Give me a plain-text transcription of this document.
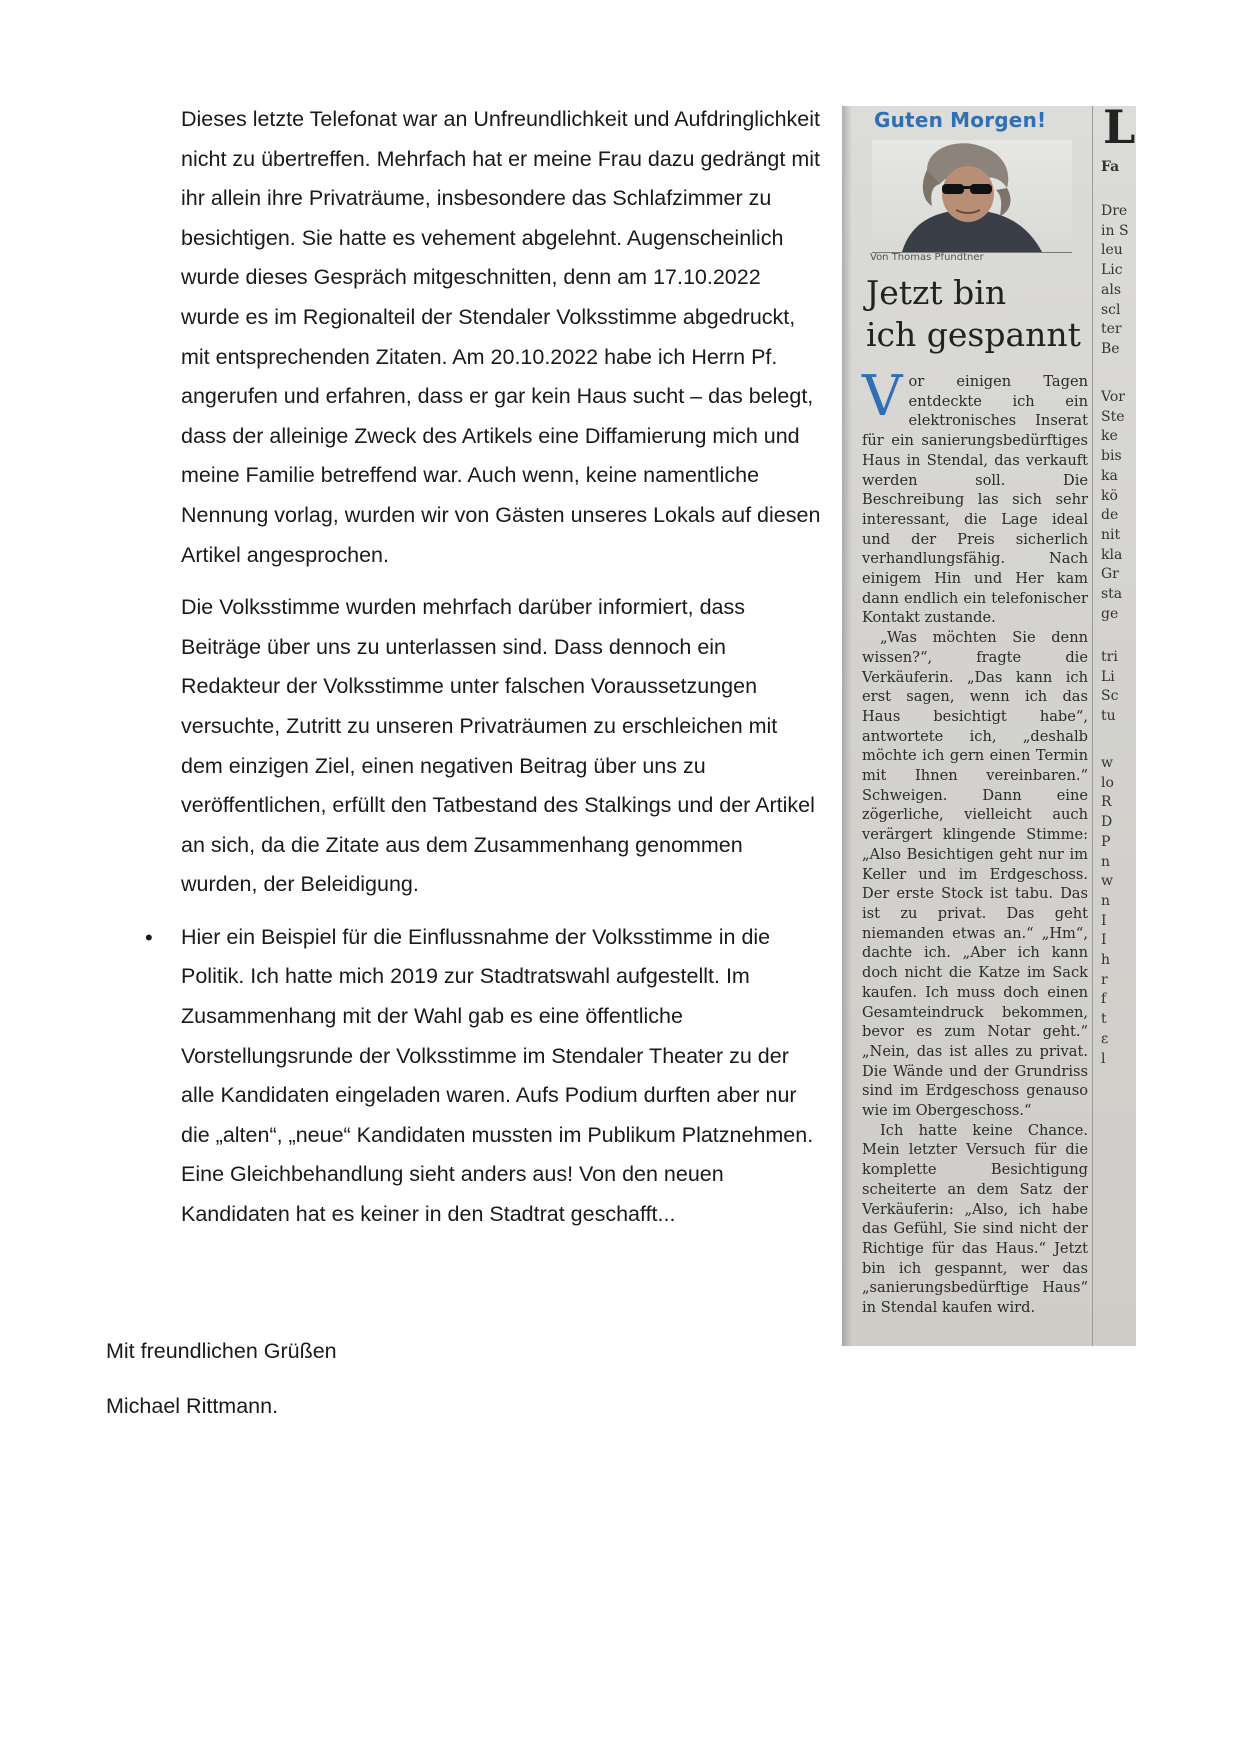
Dieses letzte Telefonat war an Unfreundlichkeit und Aufdringlichkeit nicht zu übertreffen. Mehrfach hat er meine Frau dazu gedrängt mit ihr allein ihre Privaträume, insbesondere das Schlafzimmer zu besichtigen. Sie hatte es vehement abgelehnt. Augenscheinlich wurde dieses Gespräch mitgeschnitten, denn am 17.10.2022 wurde es im Regionalteil der Stendaler Volksstimme abgedruckt, mit entsprechenden Zitaten. Am 20.10.2022 habe ich Herrn Pf. angerufen und erfahren, dass er gar kein Haus sucht – das belegt, dass der alleinige Zweck des Artikels eine Diffamierung mich und meine Familie betreffend war. Auch wenn, keine namentliche Nennung vorlag, wurden wir von Gästen unseres Lokals auf diesen Artikel angesprochen.

Die Volksstimme wurden mehrfach darüber informiert, dass Beiträge über uns zu unterlassen sind. Dass dennoch ein Redakteur der Volksstimme unter falschen Voraussetzungen versuchte, Zutritt zu unseren Privaträumen zu erschleichen mit dem einzigen Ziel, einen negativen Beitrag über uns zu veröffentlichen, erfüllt den Tatbestand des Stalkings und der Artikel an sich, da die Zitate aus dem Zusammenhang genommen wurden, der Beleidigung.

• Hier ein Beispiel für die Einflussnahme der Volksstimme in die Politik. Ich hatte mich 2019 zur Stadtratswahl aufgestellt. Im Zusammenhang mit der Wahl gab es eine öffentliche Vorstellungsrunde der Volksstimme im Stendaler Theater zu der alle Kandidaten eingeladen waren. Aufs Podium durften aber nur die „alten“, „neue“ Kandidaten mussten im Publikum Platznehmen. Eine Gleichbehandlung sieht anders aus! Von den neuen Kandidaten hat es keiner in den Stadtrat geschafft...

Mit freundlichen Grüßen
Michael Rittmann.
Guten Morgen!
Von Thomas Pfundtner
Jetzt bin
ich gespannt

Vor einigen Tagen entdeckte ich ein elektronisches Inserat für ein sanierungsbedürftiges Haus in Stendal, das verkauft werden soll. Die Beschreibung las sich sehr interessant, die Lage ideal und der Preis sicherlich verhandlungsfähig. Nach einigem Hin und Her kam dann endlich ein telefonischer Kontakt zustande.

„Was möchten Sie denn wissen?“, fragte die Verkäuferin. „Das kann ich erst sagen, wenn ich das Haus besichtigt habe“, antwortete ich, „deshalb möchte ich gern einen Termin mit Ihnen vereinbaren.“ Schweigen. Dann eine zögerliche, vielleicht auch verärgert klingende Stimme: „Also Besichtigen geht nur im Keller und im Erdgeschoss. Der erste Stock ist tabu. Das ist zu privat. Das geht niemanden etwas an.“ „Hm“, dachte ich. „Aber ich kann doch nicht die Katze im Sack kaufen. Ich muss doch einen Gesamteindruck bekommen, bevor es zum Notar geht.“ „Nein, das ist alles zu privat. Die Wände und der Grundriss sind im Erdgeschoss genauso wie im Obergeschoss.“

Ich hatte keine Chance. Mein letzter Versuch für die komplette Besichtigung scheiterte an dem Satz der Verkäuferin: „Also, ich habe das Gefühl, Sie sind nicht der Richtige für das Haus.“ Jetzt bin ich gespannt, wer das „sanierungsbedürftige Haus“ in Stendal kaufen wird.

L
Fa
Dre
in S
leu
Lic
als
scl
ter
Be
Vor
Ste
ke
bis
ka
kö
de
nit
kla
Gr
sta
ge
tri
Li
Sc
tu
w
lo
R
D
P
n
w
n
I
I
h
r
f
t
ε
l
